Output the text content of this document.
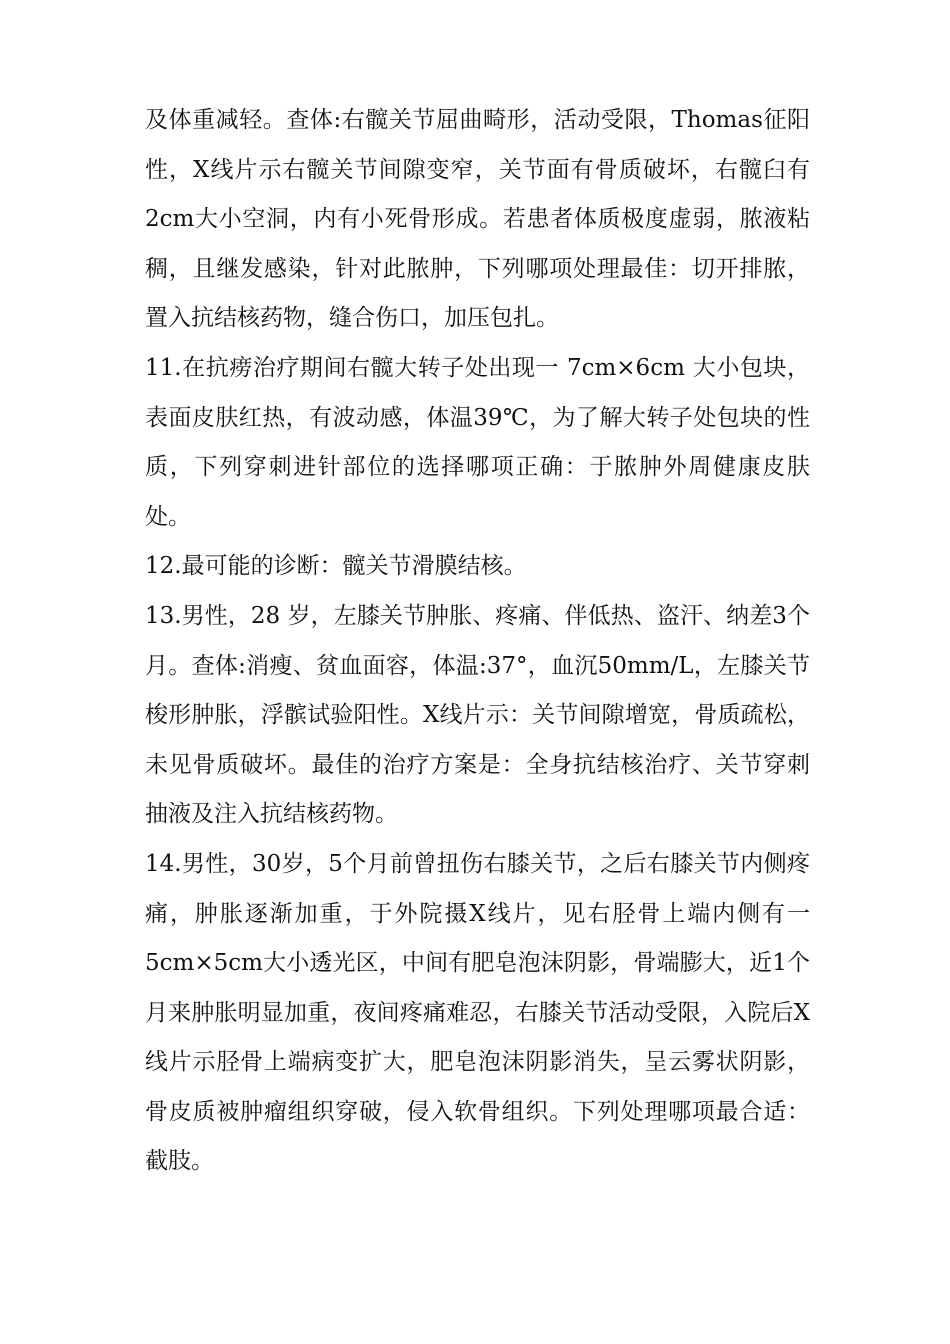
及体重减轻。查体:右髋关节屈曲畸形，活动受限，Thomas征阳性，X线片示右髋关节间隙变窄，关节面有骨质破坏，右髋臼有2cm大小空洞，内有小死骨形成。若患者体质极度虚弱，脓液粘稠，且继发感染，针对此脓肿，下列哪项处理最佳：切开排脓，置入抗结核药物，缝合伤口，加压包扎。

11.在抗痨治疗期间右髋大转子处出现一 7cm×6cm 大小包块，表面皮肤红热，有波动感，体温39℃，为了解大转子处包块的性质，下列穿刺进针部位的选择哪项正确：于脓肿外周健康皮肤处。

12.最可能的诊断：髋关节滑膜结核。

13.男性，28 岁，左膝关节肿胀、疼痛、伴低热、盗汗、纳差3个月。查体:消瘦、贫血面容，体温:37°，血沉50mm/L，左膝关节梭形肿胀，浮髌试验阳性。X线片示：关节间隙增宽，骨质疏松，未见骨质破坏。最佳的治疗方案是：全身抗结核治疗、关节穿刺抽液及注入抗结核药物。

14.男性，30岁，5个月前曾扭伤右膝关节，之后右膝关节内侧疼痛，肿胀逐渐加重，于外院摄X线片，见右胫骨上端内侧有一5cm×5cm大小透光区，中间有肥皂泡沫阴影，骨端膨大，近1个月来肿胀明显加重，夜间疼痛难忍，右膝关节活动受限，入院后X线片示胫骨上端病变扩大，肥皂泡沫阴影消失，呈云雾状阴影，骨皮质被肿瘤组织穿破，侵入软骨组织。下列处理哪项最合适：截肢。
